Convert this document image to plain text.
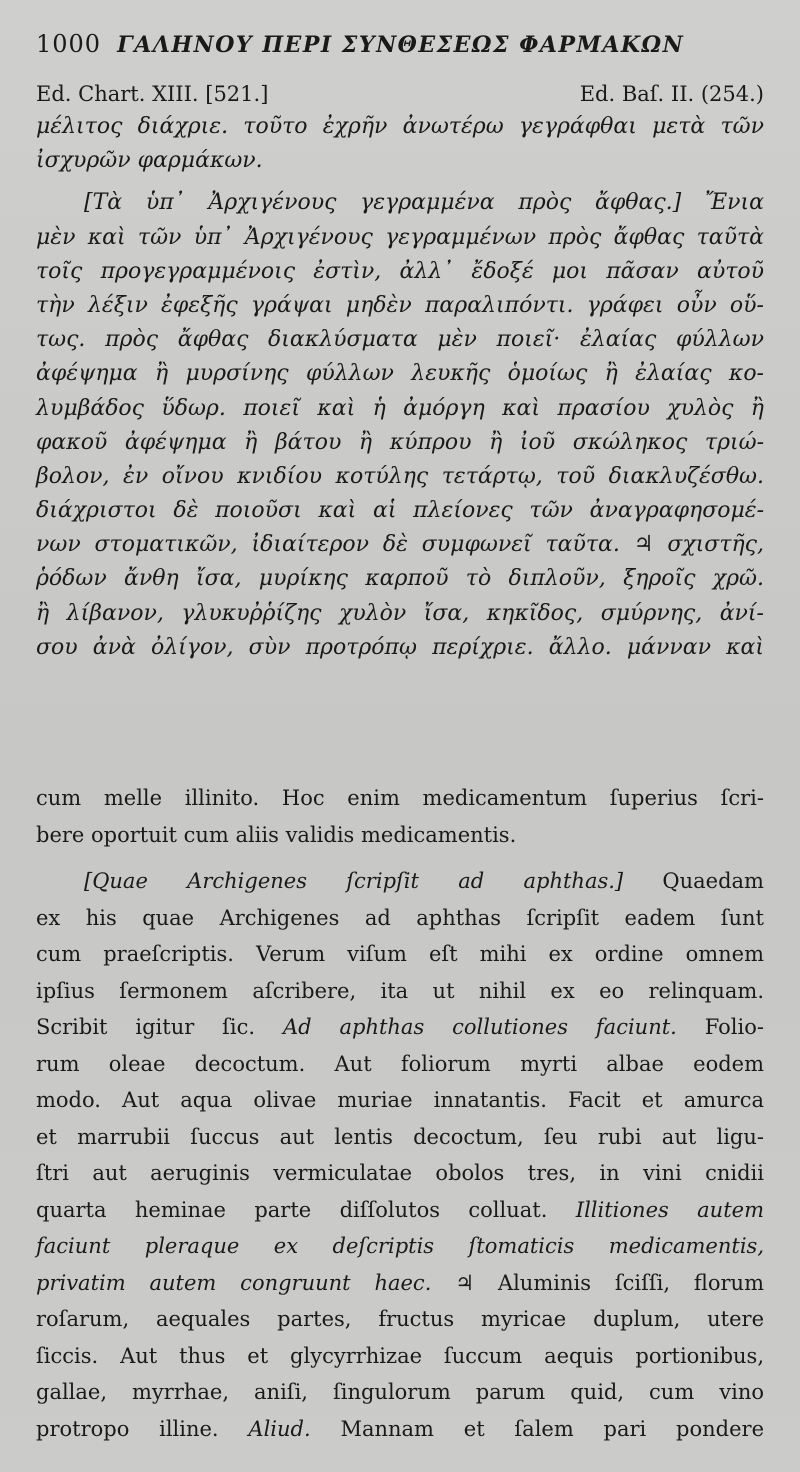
1000 ΓΑΛΗΝΟΥ ΠΕΡΙ ΣΥΝΘΕΣΕΩΣ ΦΑΡΜΑΚΩΝ
Ed. Chart. XIII. [521.]	Ed. Baſ. II. (254.)
μέλιτος διάχριε. τοῦτο ἐχρῆν ἀνωτέρω γεγράφθαι μετὰ τῶν
ἰσχυρῶν φαρμάκων.
[Τὰ ὑπ᾽ Ἀρχιγένους γεγραμμένα πρὸς ἄφθας.] Ἔνια
μὲν καὶ τῶν ὑπ᾽ Ἀρχιγένους γεγραμμένων πρὸς ἄφθας ταῦτὰ
τοῖς προγεγραμμένοις ἐστὶν, ἀλλ᾽ ἔδοξέ μοι πᾶσαν αὐτοῦ
τὴν λέξιν ἐφεξῆς γράψαι μηδὲν παραλιπόντι. γράφει οὖν οὕ-
τως. πρὸς ἄφθας διακλύσματα μὲν ποιεῖ· ἐλαίας φύλλων
ἀφέψημα ἢ μυρσίνης φύλλων λευκῆς ὁμοίως ἢ ἐλαίας κο-
λυμβάδος ὕδωρ. ποιεῖ καὶ ἡ ἀμόργη καὶ πρασίου χυλὸς ἢ
φακοῦ ἀφέψημα ἢ βάτου ἢ κύπρου ἢ ἰοῦ σκώληκος τριώ-
βολον, ἐν οἴνου κνιδίου κοτύλης τετάρτῳ, τοῦ διακλυζέσθω.
διάχριστοι δὲ ποιοῦσι καὶ αἱ πλείονες τῶν ἀναγραφησομέ-
νων στοματικῶν, ἰδιαίτερον δὲ συμφωνεῖ ταῦτα. ♃ σχιστῆς,
ῥόδων ἄνθη ἴσα, μυρίκης καρποῦ τὸ διπλοῦν, ξηροῖς χρῶ.
ἢ λίβανον, γλυκυῤῥίζης χυλὸν ἴσα, κηκῖδος, σμύρνης, ἀνί-
σου ἀνὰ ὀλίγον, σὺν προτρόπῳ περίχριε. ἄλλο. μάνναν καὶ
cum melle illinito. Hoc enim medicamentum ſuperius ſcri-
bere oportuit cum aliis validis medicamentis.
[Quae Archigenes ſcripſit ad aphthas.] Quaedam
ex his quae Archigenes ad aphthas ſcripſit eadem ſunt
cum praeſcriptis. Verum viſum eſt mihi ex ordine omnem
ipſius ſermonem aſcribere, ita ut nihil ex eo relinquam.
Scribit igitur ſic. Ad aphthas collutiones faciunt. Folio-
rum oleae decoctum. Aut foliorum myrti albae eodem
modo. Aut aqua olivae muriae innatantis. Facit et amurca
et marrubii ſuccus aut lentis decoctum, ſeu rubi aut ligu-
ſtri aut aeruginis vermiculatae obolos tres, in vini cnidii
quarta heminae parte diſſolutos colluat. Illitiones autem
faciunt pleraque ex deſcriptis ſtomaticis medicamentis,
privatim autem congruunt haec. ♃ Aluminis ſciſſi, florum
roſarum, aequales partes, fructus myricae duplum, utere
ſiccis. Aut thus et glycyrrhizae ſuccum aequis portionibus,
gallae, myrrhae, aniſi, ſingulorum parum quid, cum vino
protropo illine. Aliud. Mannam et ſalem pari pondere
